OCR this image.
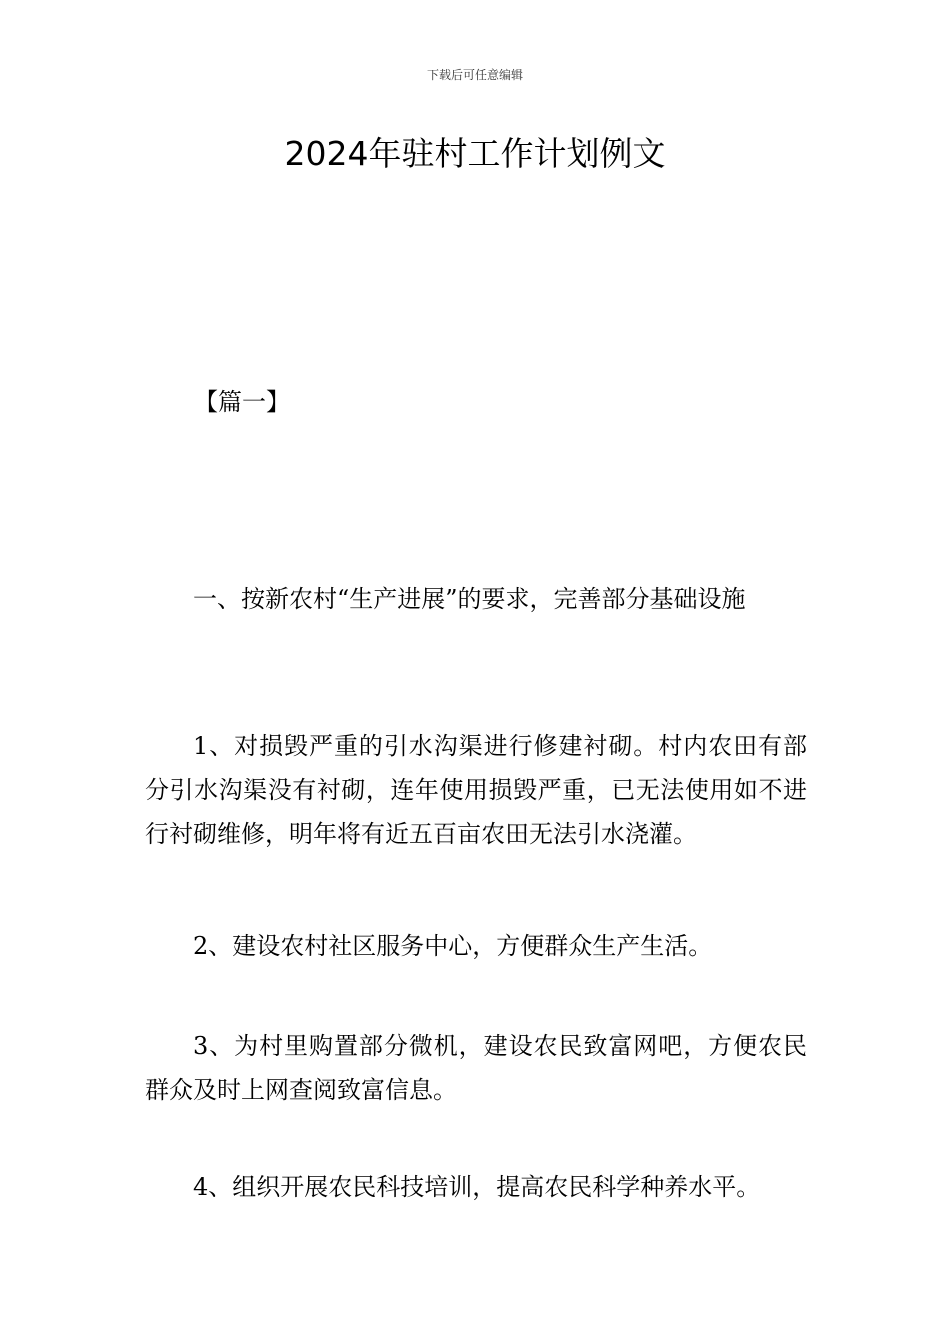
下载后可任意编辑
2024年驻村工作计划例文
【篇一】

一、按新农村“生产进展”的要求，完善部分基础设施

1、对损毁严重的引水沟渠进行修建衬砌。村内农田有部分引水沟渠没有衬砌，连年使用损毁严重，已无法使用如不进行衬砌维修，明年将有近五百亩农田无法引水浇灌。

2、建设农村社区服务中心，方便群众生产生活。

3、为村里购置部分微机，建设农民致富网吧，方便农民群众及时上网查阅致富信息。

4、组织开展农民科技培训，提高农民科学种养水平。
